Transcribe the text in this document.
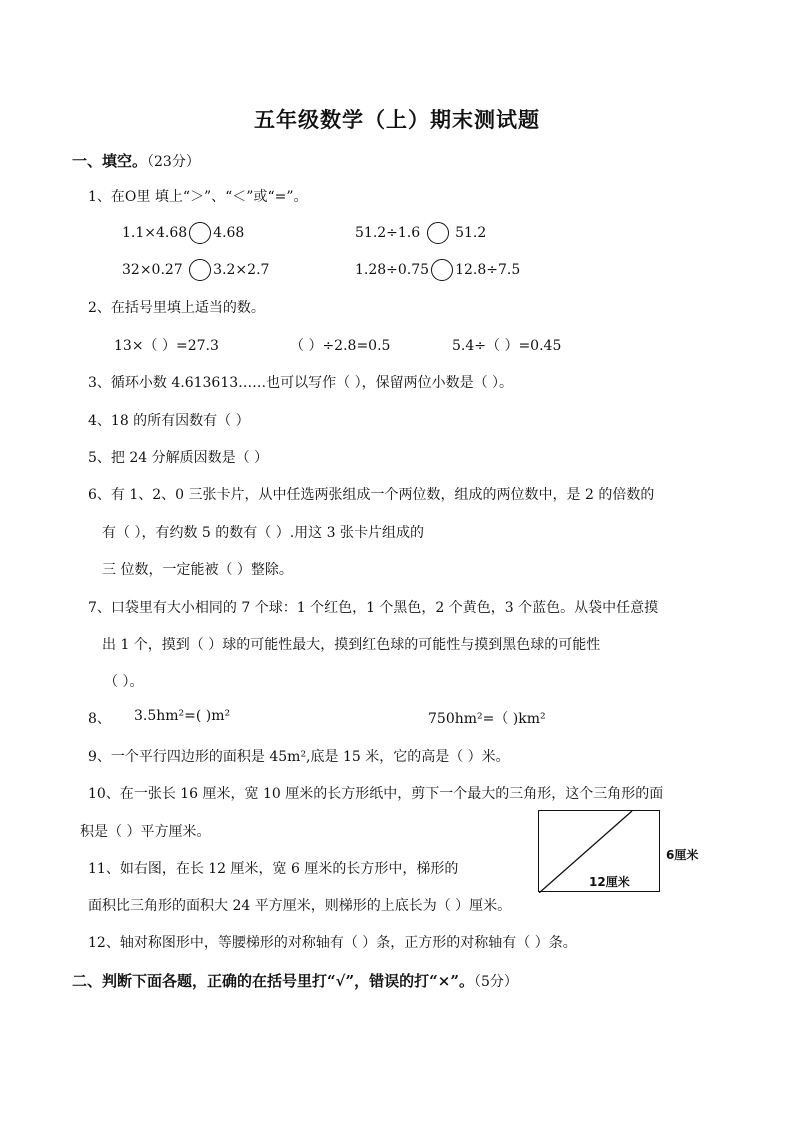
五年级数学（上）期末测试题
一、填空。（23分）
1、在O里 填上“＞”、“＜”或“=”。
1.1×4.68 4.68	51.2÷1.6 51.2
32×0.27 3.2×2.7	1.28÷0.75 12.8÷7.5
2、在括号里填上适当的数。
13×（ ）=27.3	（ ）÷2.8=0.5	5.4÷（ ）=0.45
3、循环小数 4.613613……也可以写作（ ），保留两位小数是（ ）。
4、18 的所有因数有（ ）
5、把 24 分解质因数是（ ）
6、有 1、2、0 三张卡片，从中任选两张组成一个两位数，组成的两位数中，是 2 的倍数的
有（ ），有约数 5 的数有（ ）.用这 3 张卡片组成的
三 位数，一定能被（ ）整除。
7、口袋里有大小相同的 7 个球：1 个红色，1 个黑色，2 个黄色，3 个蓝色。从袋中任意摸
出 1 个，摸到（ ）球的可能性最大，摸到红色球的可能性与摸到黑色球的可能性
（ ）。
8、 3.5hm²=( )m²	750hm²=（ )km²
9、一个平行四边形的面积是 45m²,底是 15 米，它的高是（ ）米。
10、在一张长 16 厘米，宽 10 厘米的长方形纸中，剪下一个最大的三角形，这个三角形的面
积是（ ）平方厘米。
11、如右图，在长 12 厘米，宽 6 厘米的长方形中，梯形的
面积比三角形的面积大 24 平方厘米，则梯形的上底长为（ ）厘米。
12厘米
6厘米
12、轴对称图形中，等腰梯形的对称轴有（ ）条，正方形的对称轴有（ ）条。
二、判断下面各题，正确的在括号里打“√”，错误的打“×”。（5分）
